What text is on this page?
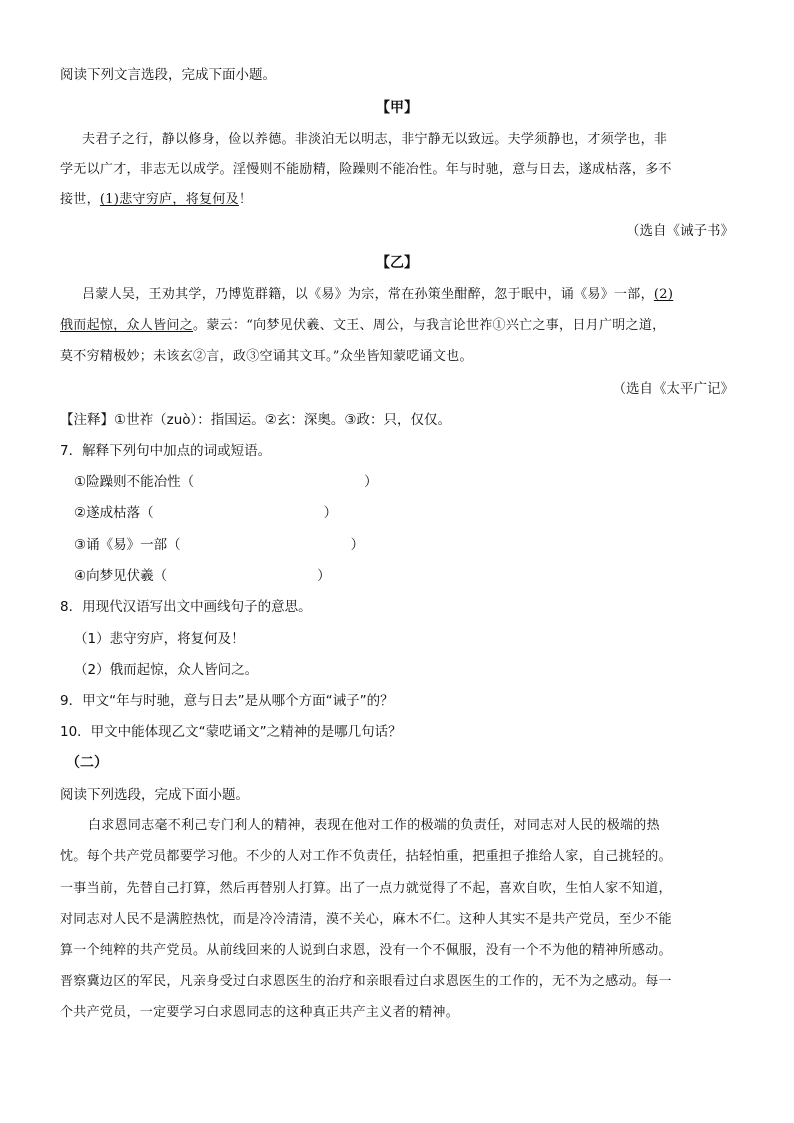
阅读下列文言选段，完成下面小题。
【甲】
夫君子之行，静以修身，俭以养德。非淡泊无以明志，非宁静无以致远。夫学须静也，才须学也，非
学无以广才，非志无以成学。淫慢则不能励精，险躁则不能冶性。年与时驰，意与日去，遂成枯落，多不
接世，(1)悲守穷庐，将复何及！
（选自《诫子书》
【乙】
吕蒙人吴，王劝其学，乃博览群籍，以《易》为宗，常在孙策坐酣醉，忽于眠中，诵《易》一部，(2)
俄而起惊，众人皆问之。蒙云：“向梦见伏羲、文王、周公，与我言论世祚①兴亡之事，日月广明之道，
莫不穷精极妙；未该玄②言，政③空诵其文耳。”众坐皆知蒙呓诵文也。
（选自《太平广记》
【注释】①世祚（zuò）：指国运。②玄：深奥。③政：只，仅仅。
7．解释下列句中加点的词或短语。
①险躁则不能冶性（	）
②遂成枯落（	）
③诵《易》一部（	）
④向梦见伏羲（	）
8．用现代汉语写出文中画线句子的意思。
（1）悲守穷庐，将复何及！
（2）俄而起惊，众人皆问之。
9．甲文“年与时驰，意与日去”是从哪个方面“诫子”的？
10．甲文中能体现乙文“蒙呓诵文”之精神的是哪几句话？
（二）
阅读下列选段，完成下面小题。
白求恩同志毫不利己专门利人的精神，表现在他对工作的极端的负责任，对同志对人民的极端的热
忱。每个共产党员都要学习他。不少的人对工作不负责任，拈轻怕重，把重担子推给人家，自己挑轻的。
一事当前，先替自己打算，然后再替别人打算。出了一点力就觉得了不起，喜欢自吹，生怕人家不知道，
对同志对人民不是满腔热忱，而是冷冷清清，漠不关心，麻木不仁。这种人其实不是共产党员，至少不能
算一个纯粹的共产党员。从前线回来的人说到白求恩，没有一个不佩服，没有一个不为他的精神所感动。
晋察冀边区的军民，凡亲身受过白求恩医生的治疗和亲眼看过白求恩医生的工作的，无不为之感动。每一
个共产党员，一定要学习白求恩同志的这种真正共产主义者的精神。
